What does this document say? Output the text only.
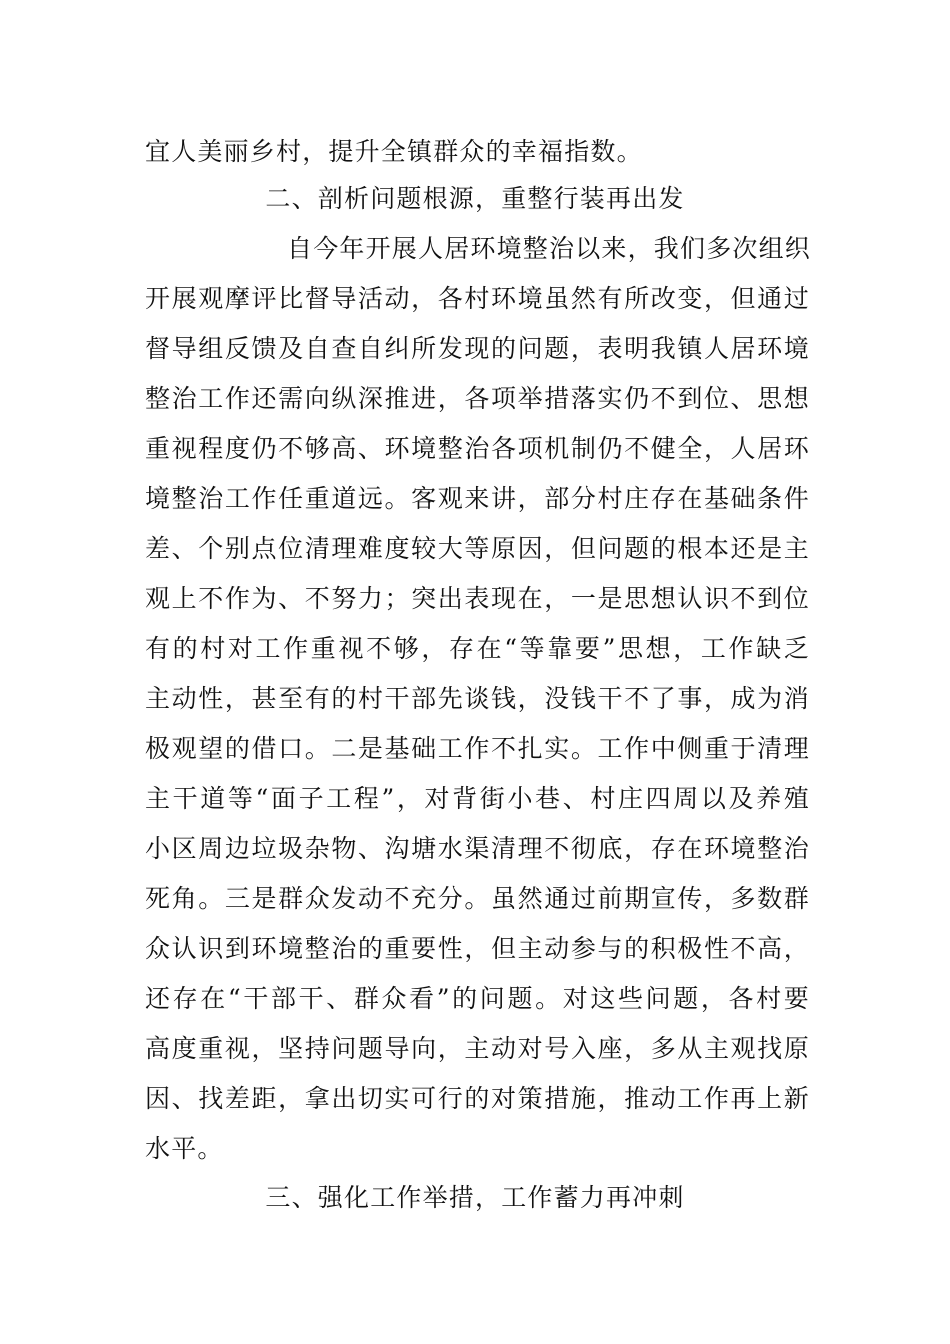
宜人美丽乡村，提升全镇群众的幸福指数。
二、剖析问题根源，重整行装再出发
自今年开展人居环境整治以来，我们多次组织
开展观摩评比督导活动，各村环境虽然有所改变，但通过
督导组反馈及自查自纠所发现的问题，表明我镇人居环境
整治工作还需向纵深推进，各项举措落实仍不到位、思想
重视程度仍不够高、环境整治各项机制仍不健全，人居环
境整治工作任重道远。客观来讲，部分村庄存在基础条件
差、个别点位清理难度较大等原因，但问题的根本还是主
观上不作为、不努力；突出表现在，一是思想认识不到位
有的村对工作重视不够，存在“等靠要”思想，工作缺乏
主动性，甚至有的村干部先谈钱，没钱干不了事，成为消
极观望的借口。二是基础工作不扎实。工作中侧重于清理
主干道等“面子工程”，对背街小巷、村庄四周以及养殖
小区周边垃圾杂物、沟塘水渠清理不彻底，存在环境整治
死角。三是群众发动不充分。虽然通过前期宣传，多数群
众认识到环境整治的重要性，但主动参与的积极性不高，
还存在“干部干、群众看”的问题。对这些问题，各村要
高度重视，坚持问题导向，主动对号入座，多从主观找原
因、找差距，拿出切实可行的对策措施，推动工作再上新
水平。
三、强化工作举措，工作蓄力再冲刺
